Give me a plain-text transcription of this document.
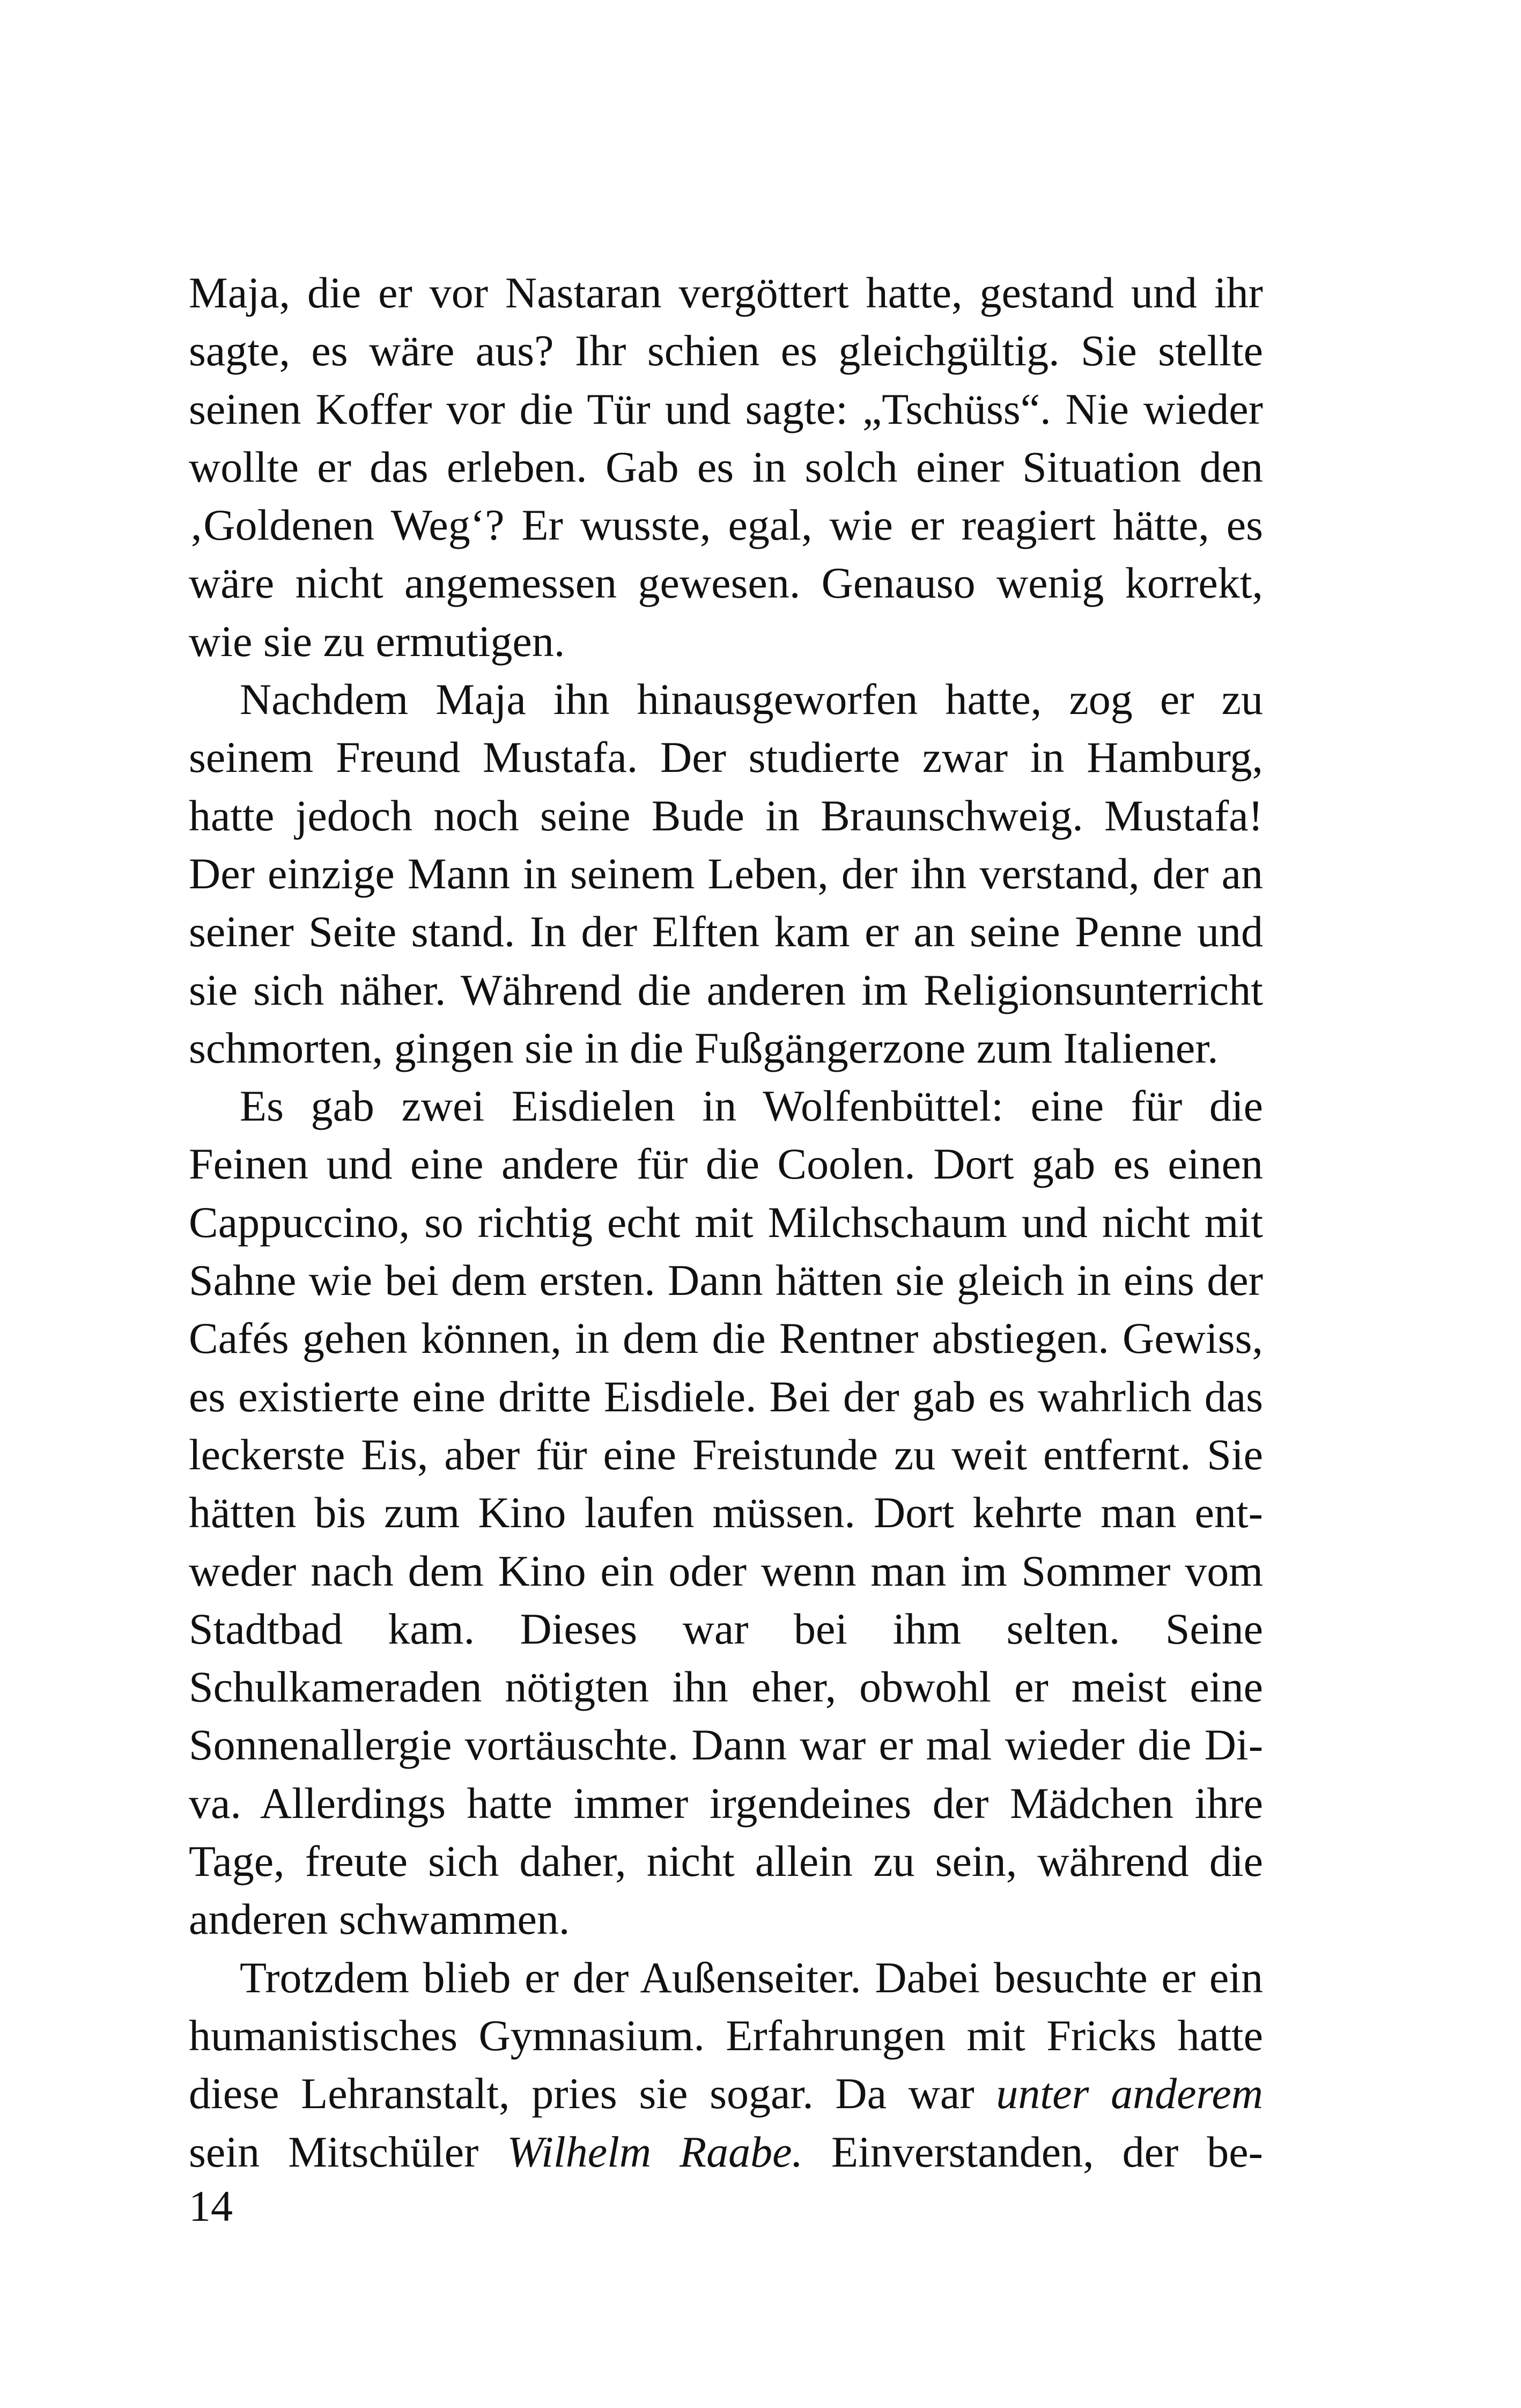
Maja, die er vor Nastaran vergöttert hatte, gestand und ihr
sagte, es wäre aus? Ihr schien es gleichgültig. Sie stellte
seinen Koffer vor die Tür und sagte: „Tschüss“. Nie wieder
wollte er das erleben. Gab es in solch einer Situation den
‚Goldenen Weg‘? Er wusste, egal, wie er reagiert hätte, es
wäre nicht angemessen gewesen. Genauso wenig korrekt,
wie sie zu ermutigen.
Nachdem Maja ihn hinausgeworfen hatte, zog er zu
seinem Freund Mustafa. Der studierte zwar in Hamburg,
hatte jedoch noch seine Bude in Braunschweig. Mustafa!
Der einzige Mann in seinem Leben, der ihn verstand, der an
seiner Seite stand. In der Elften kam er an seine Penne und
sie sich näher. Während die anderen im Religionsunterricht
schmorten, gingen sie in die Fußgängerzone zum Italiener.
Es gab zwei Eisdielen in Wolfenbüttel: eine für die
Feinen und eine andere für die Coolen. Dort gab es einen
Cappuccino, so richtig echt mit Milchschaum und nicht mit
Sahne wie bei dem ersten. Dann hätten sie gleich in eins der
Cafés gehen können, in dem die Rentner abstiegen. Gewiss,
es existierte eine dritte Eisdiele. Bei der gab es wahrlich das
leckerste Eis, aber für eine Freistunde zu weit entfernt. Sie
hätten bis zum Kino laufen müssen. Dort kehrte man ent-
weder nach dem Kino ein oder wenn man im Sommer vom
Stadtbad kam. Dieses war bei ihm selten. Seine
Schulkameraden nötigten ihn eher, obwohl er meist eine
Sonnenallergie vortäuschte. Dann war er mal wieder die Di-
va. Allerdings hatte immer irgendeines der Mädchen ihre
Tage, freute sich daher, nicht allein zu sein, während die
anderen schwammen.
Trotzdem blieb er der Außenseiter. Dabei besuchte er ein
humanistisches Gymnasium. Erfahrungen mit Fricks hatte
diese Lehranstalt, pries sie sogar. Da war unter anderem
sein Mitschüler Wilhelm Raabe. Einverstanden, der be-
14
